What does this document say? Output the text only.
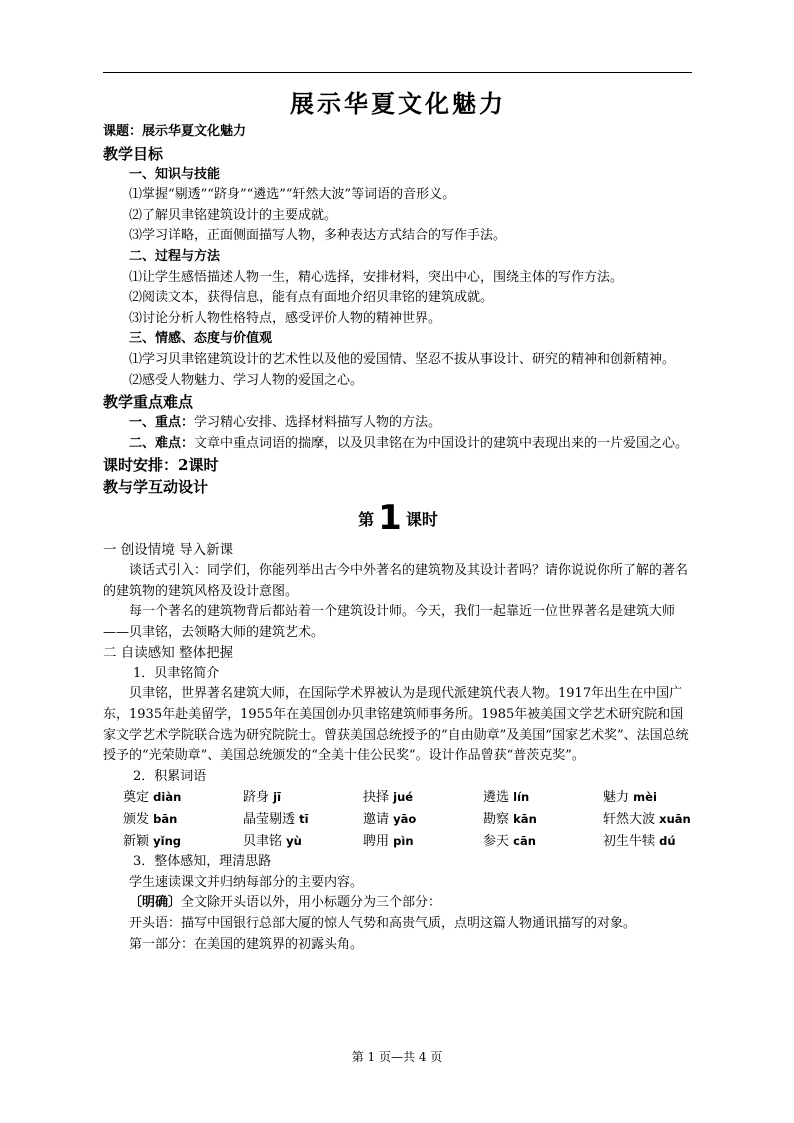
展示华夏文化魅力

课题：展示华夏文化魅力

教学目标

一、知识与技能

⑴掌握“剔透”“跻身”“遴选”“轩然大波”等词语的音形义。

⑵了解贝聿铭建筑设计的主要成就。

⑶学习详略，正面侧面描写人物，多种表达方式结合的写作手法。

二、过程与方法

⑴让学生感悟描述人物一生，精心选择，安排材料，突出中心，围绕主体的写作方法。

⑵阅读文本，获得信息，能有点有面地介绍贝聿铭的建筑成就。

⑶讨论分析人物性格特点，感受评价人物的精神世界。

三、情感、态度与价值观

⑴学习贝聿铭建筑设计的艺术性以及他的爱国情、坚忍不拔从事设计、研究的精神和创新精神。

⑵感受人物魅力、学习人物的爱国之心。

教学重点难点

一、重点：学习精心安排、选择材料描写人物的方法。

二、难点：文章中重点词语的揣摩，以及贝聿铭在为中国设计的建筑中表现出来的一片爱国之心。

课时安排：2课时

教与学互动设计

第 1 课时

一 创设情境 导入新课

谈话式引入：同学们，你能列举出古今中外著名的建筑物及其设计者吗？请你说说你所了解的著名的建筑物的建筑风格及设计意图。

每一个著名的建筑物背后都站着一个建筑设计师。今天，我们一起靠近一位世界著名是建筑大师——贝聿铭，去领略大师的建筑艺术。

二 自读感知 整体把握

1．贝聿铭简介

贝聿铭，世界著名建筑大师，在国际学术界被认为是现代派建筑代表人物。1917年出生在中国广东，1935年赴美留学，1955年在美国创办贝聿铭建筑师事务所。1985年被美国文学艺术研究院和国家文学艺术学院联合选为研究院院士。曾获美国总统授予的“自由勋章”及美国“国家艺术奖”、法国总统授予的“光荣勋章”、美国总统颁发的“全美十佳公民奖”。设计作品曾获“普茨克奖”。

2．积累词语

奠定 diàn	跻身 jī	抉择 jué	遴选 lín	魅力 mèi
颁发 bān	晶莹剔透 tī	邀请 yāo	勘察 kān	轩然大波 xuān
新颖 yǐng	贝聿铭 yù	聘用 pìn	参天 cān	初生牛犊 dú

3．整体感知，理清思路

学生速读课文并归纳每部分的主要内容。

〔明确〕全文除开头语以外，用小标题分为三个部分：

开头语：描写中国银行总部大厦的惊人气势和高贵气质，点明这篇人物通讯描写的对象。

第一部分：在美国的建筑界的初露头角。

第 1 页—共 4 页
